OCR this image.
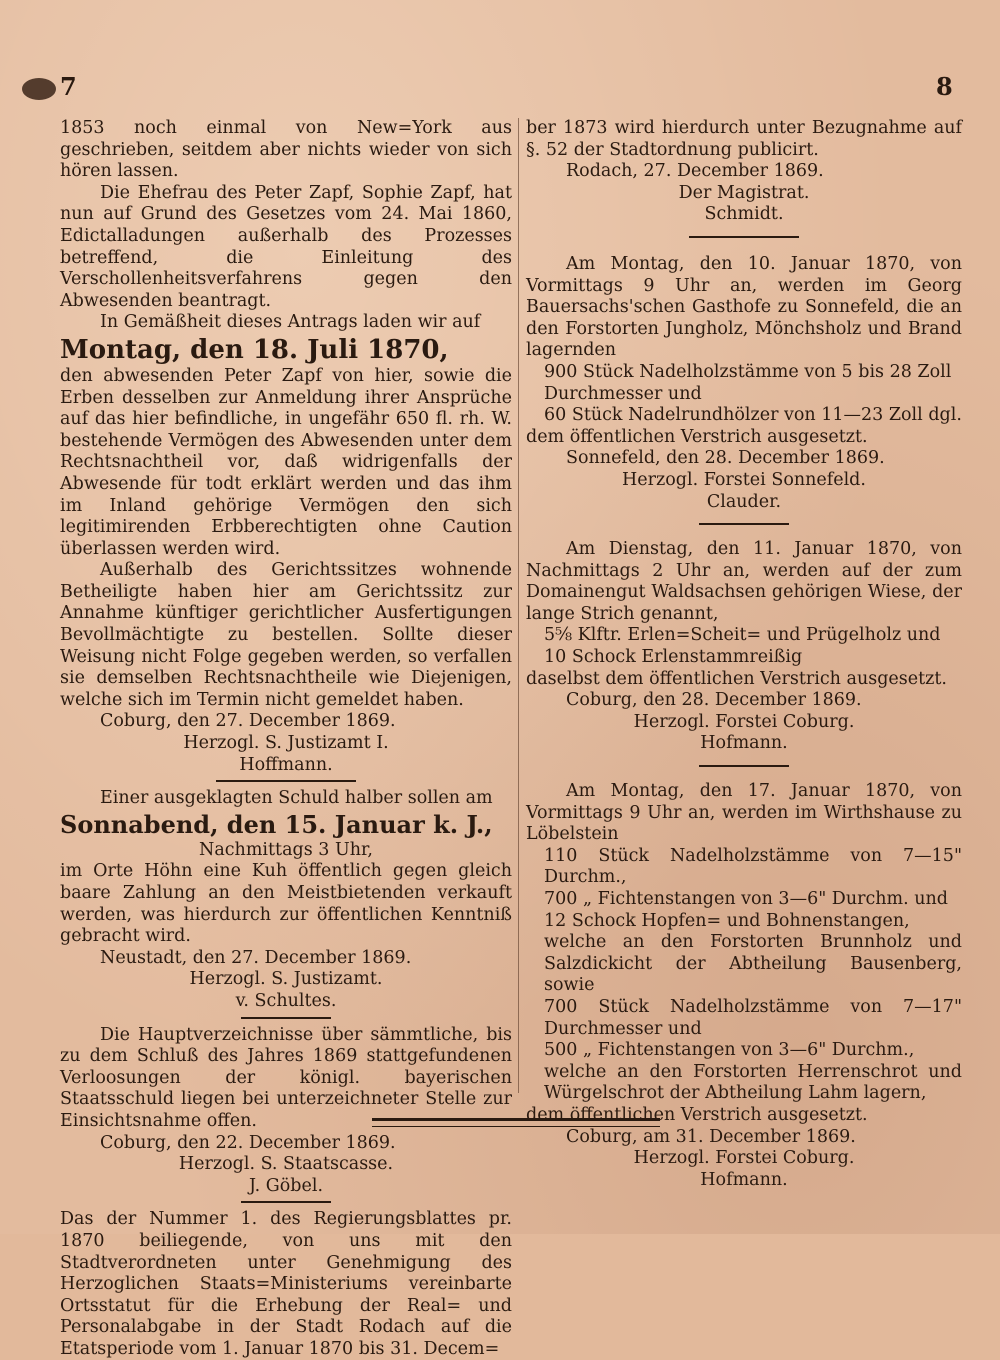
7	8

1853 noch einmal von New=York aus geschrieben, seitdem aber nichts wieder von sich hören lassen.

Die Ehefrau des Peter Zapf, Sophie Zapf, hat nun auf Grund des Gesetzes vom 24. Mai 1860, Edictalladungen außerhalb des Prozesses betreffend, die Einleitung des Verschollenheitsverfahrens gegen den Abwesenden beantragt.

In Gemäßheit dieses Antrags laden wir auf

Montag, den 18. Juli 1870,

den abwesenden Peter Zapf von hier, sowie die Erben desselben zur Anmeldung ihrer Ansprüche auf das hier befindliche, in ungefähr 650 fl. rh. W. bestehende Vermögen des Abwesenden unter dem Rechtsnachtheil vor, daß widrigenfalls der Abwesende für todt erklärt werden und das ihm im Inland gehörige Vermögen den sich legitimirenden Erbberechtigten ohne Caution überlassen werden wird.

Außerhalb des Gerichtssitzes wohnende Betheiligte haben hier am Gerichtssitz zur Annahme künftiger gerichtlicher Ausfertigungen Bevollmächtigte zu bestellen. Sollte dieser Weisung nicht Folge gegeben werden, so verfallen sie demselben Rechtsnachtheile wie Diejenigen, welche sich im Termin nicht gemeldet haben.

Coburg, den 27. December 1869.

Herzogl. S. Justizamt I.

Hoffmann.

Einer ausgeklagten Schuld halber sollen am

Sonnabend, den 15. Januar k. J.,

Nachmittags 3 Uhr,

im Orte Höhn eine Kuh öffentlich gegen gleich baare Zahlung an den Meistbietenden verkauft werden, was hierdurch zur öffentlichen Kenntniß gebracht wird.

Neustadt, den 27. December 1869.

Herzogl. S. Justizamt.

v. Schultes.

Die Hauptverzeichnisse über sämmtliche, bis zu dem Schluß des Jahres 1869 stattgefundenen Verloosungen der königl. bayerischen Staatsschuld liegen bei unterzeichneter Stelle zur Einsichtsnahme offen.

Coburg, den 22. December 1869.

Herzogl. S. Staatscasse.

J. Göbel.

Das der Nummer 1. des Regierungsblattes pr. 1870 beiliegende, von uns mit den Stadtverordneten unter Genehmigung des Herzoglichen Staats=Ministeriums vereinbarte Ortsstatut für die Erhebung der Real= und Personalabgabe in der Stadt Rodach auf die Etatsperiode vom 1. Januar 1870 bis 31. Decem=

ber 1873 wird hierdurch unter Bezugnahme auf §. 52 der Stadtordnung publicirt.

Rodach, 27. December 1869.

Der Magistrat.

Schmidt.

Am Montag, den 10. Januar 1870, von Vormittags 9 Uhr an, werden im Georg Bauersachs'schen Gasthofe zu Sonnefeld, die an den Forstorten Jungholz, Mönchsholz und Brand lagernden

900 Stück Nadelholzstämme von 5 bis 28 Zoll

Durchmesser und

60 Stück Nadelrundhölzer von 11—23 Zoll dgl.

dem öffentlichen Verstrich ausgesetzt.

Sonnefeld, den 28. December 1869.

Herzogl. Forstei Sonnefeld.

Clauder.

Am Dienstag, den 11. Januar 1870, von Nachmittags 2 Uhr an, werden auf der zum Domainengut Waldsachsen gehörigen Wiese, der lange Strich genannt,

5⅝ Klftr. Erlen=Scheit= und Prügelholz und

10 Schock Erlenstammreißig

daselbst dem öffentlichen Verstrich ausgesetzt.

Coburg, den 28. December 1869.

Herzogl. Forstei Coburg.

Hofmann.

Am Montag, den 17. Januar 1870, von Vormittags 9 Uhr an, werden im Wirthshause zu Löbelstein

110 Stück Nadelholzstämme von 7—15" Durchm.,

700 „ Fichtenstangen von 3—6" Durchm. und

12 Schock Hopfen= und Bohnenstangen,

welche an den Forstorten Brunnholz und Salzdickicht der Abtheilung Bausenberg, sowie

700 Stück Nadelholzstämme von 7—17" Durchmesser und

500 „ Fichtenstangen von 3—6" Durchm.,

welche an den Forstorten Herrenschrot und Würgelschrot der Abtheilung Lahm lagern,

dem öffentlichen Verstrich ausgesetzt.

Coburg, am 31. December 1869.

Herzogl. Forstei Coburg.

Hofmann.
